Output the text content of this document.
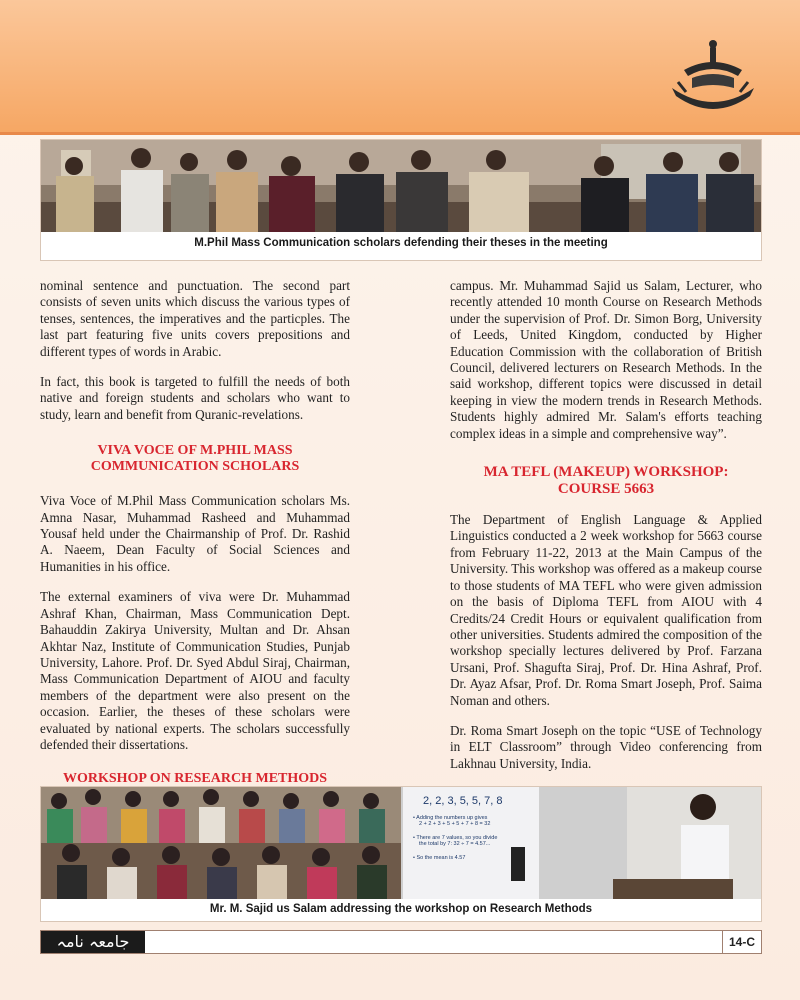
M.Phil Mass Communication scholars defending their theses in the meeting

nominal sentence and punctuation. The second part consists of seven units which discuss the various types of tenses, sentences, the imperatives and the particples. The last part featuring five units covers prepositions and different types of words in Arabic.

In fact, this book is targeted to fulfill the needs of both native and foreign students and scholars who want to study, learn and benefit from Quranic-revelations.

VIVA VOCE OF M.PHIL MASS
COMMUNICATION SCHOLARS

Viva Voce of M.Phil Mass Communication scholars Ms. Amna Nasar, Muhammad Rasheed and Muhammad Yousaf held under the Chairmanship of Prof. Dr. Rashid A. Naeem, Dean Faculty of Social Sciences and Humanities in his office.

The external examiners of viva were Dr. Muhammad Ashraf Khan, Chairman, Mass Communication Dept. Bahauddin Zakirya University, Multan and Dr. Ahsan Akhtar Naz, Institute of Communication Studies, Punjab University, Lahore. Prof. Dr. Syed Abdul Siraj, Chairman, Mass Communication Department of AIOU and faculty members of the department were also present on the occasion. Earlier, the theses of these scholars were evaluated by national experts. The scholars successfully defended their dissertations.

WORKSHOP ON RESEARCH METHODS

campus. Mr. Muhammad Sajid us Salam, Lecturer, who recently attended 10 month Course on Research Methods under the supervision of Prof. Dr. Simon Borg, University of Leeds, United Kingdom, conducted by Higher Education Commission with the collaboration of British Council, delivered lecturers on Research Methods. In the said workshop, different topics were discussed in detail keeping in view the modern trends in Research Methods. Students highly admired Mr. Salam's efforts teaching complex ideas in a simple and comprehensive way”.

MA TEFL (MAKEUP) WORKSHOP:
COURSE 5663

The Department of English Language & Applied Linguistics conducted a 2 week workshop for 5663 course from February 11-22, 2013 at the Main Campus of the University. This workshop was offered as a makeup course to those students of MA TEFL who were given admission on the basis of Diploma TEFL from AIOU with 4 Credits/24 Credit Hours or equivalent qualification from other universities. Students admired the composition of the workshop specially lectures delivered by Prof. Farzana Ursani, Prof. Shagufta Siraj, Prof. Dr. Hina Ashraf, Prof. Dr. Ayaz Afsar, Prof. Dr. Roma Smart Joseph, Prof. Saima Noman and others.

Dr. Roma Smart Joseph on the topic “USE of Technology in ELT Classroom” through Video conferencing from Lakhnau University, India.

2, 2, 3, 5, 5, 7, 8
• Adding the numbers up gives
2 + 2 + 3 + 5 + 5 + 7 + 8 = 32
• There are 7 values, so you divide
the total by 7: 32 ÷ 7 = 4.57...
• So the mean is 4.57
Mr. M. Sajid us Salam addressing the workshop on Research Methods
جامعہ نامہ	14-C
